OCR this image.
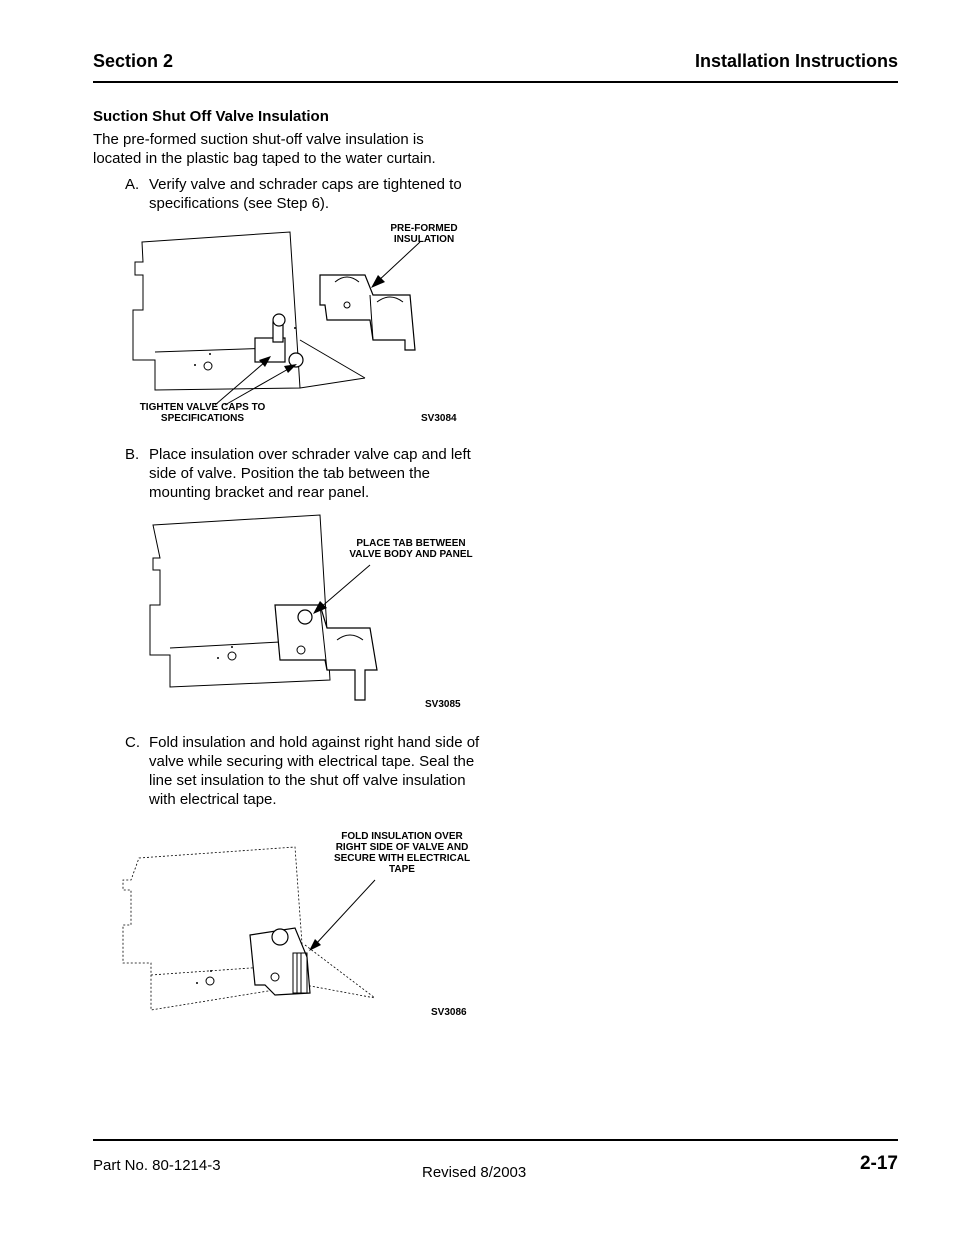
Section 2	Installation Instructions
Suction Shut Off Valve Insulation
The pre-formed suction shut-off valve insulation is
located in the plastic bag taped to the water curtain.
A. Verify valve and schrader caps are tightened to specifications (see Step 6).
PRE-FORMED INSULATION
TIGHTEN VALVE CAPS TO SPECIFICATIONS	SV3084
B. Place insulation over schrader valve cap and left side of valve. Position the tab between the mounting bracket and rear panel.
PLACE TAB BETWEEN VALVE BODY AND PANEL
SV3085
C. Fold insulation and hold against right hand side of valve while securing with electrical tape. Seal the line set insulation to the shut off valve insulation with electrical tape.
FOLD INSULATION OVER RIGHT SIDE OF VALVE AND SECURE WITH ELECTRICAL TAPE
SV3086
Part No. 80-1214-3	Revised 8/2003	2-17
